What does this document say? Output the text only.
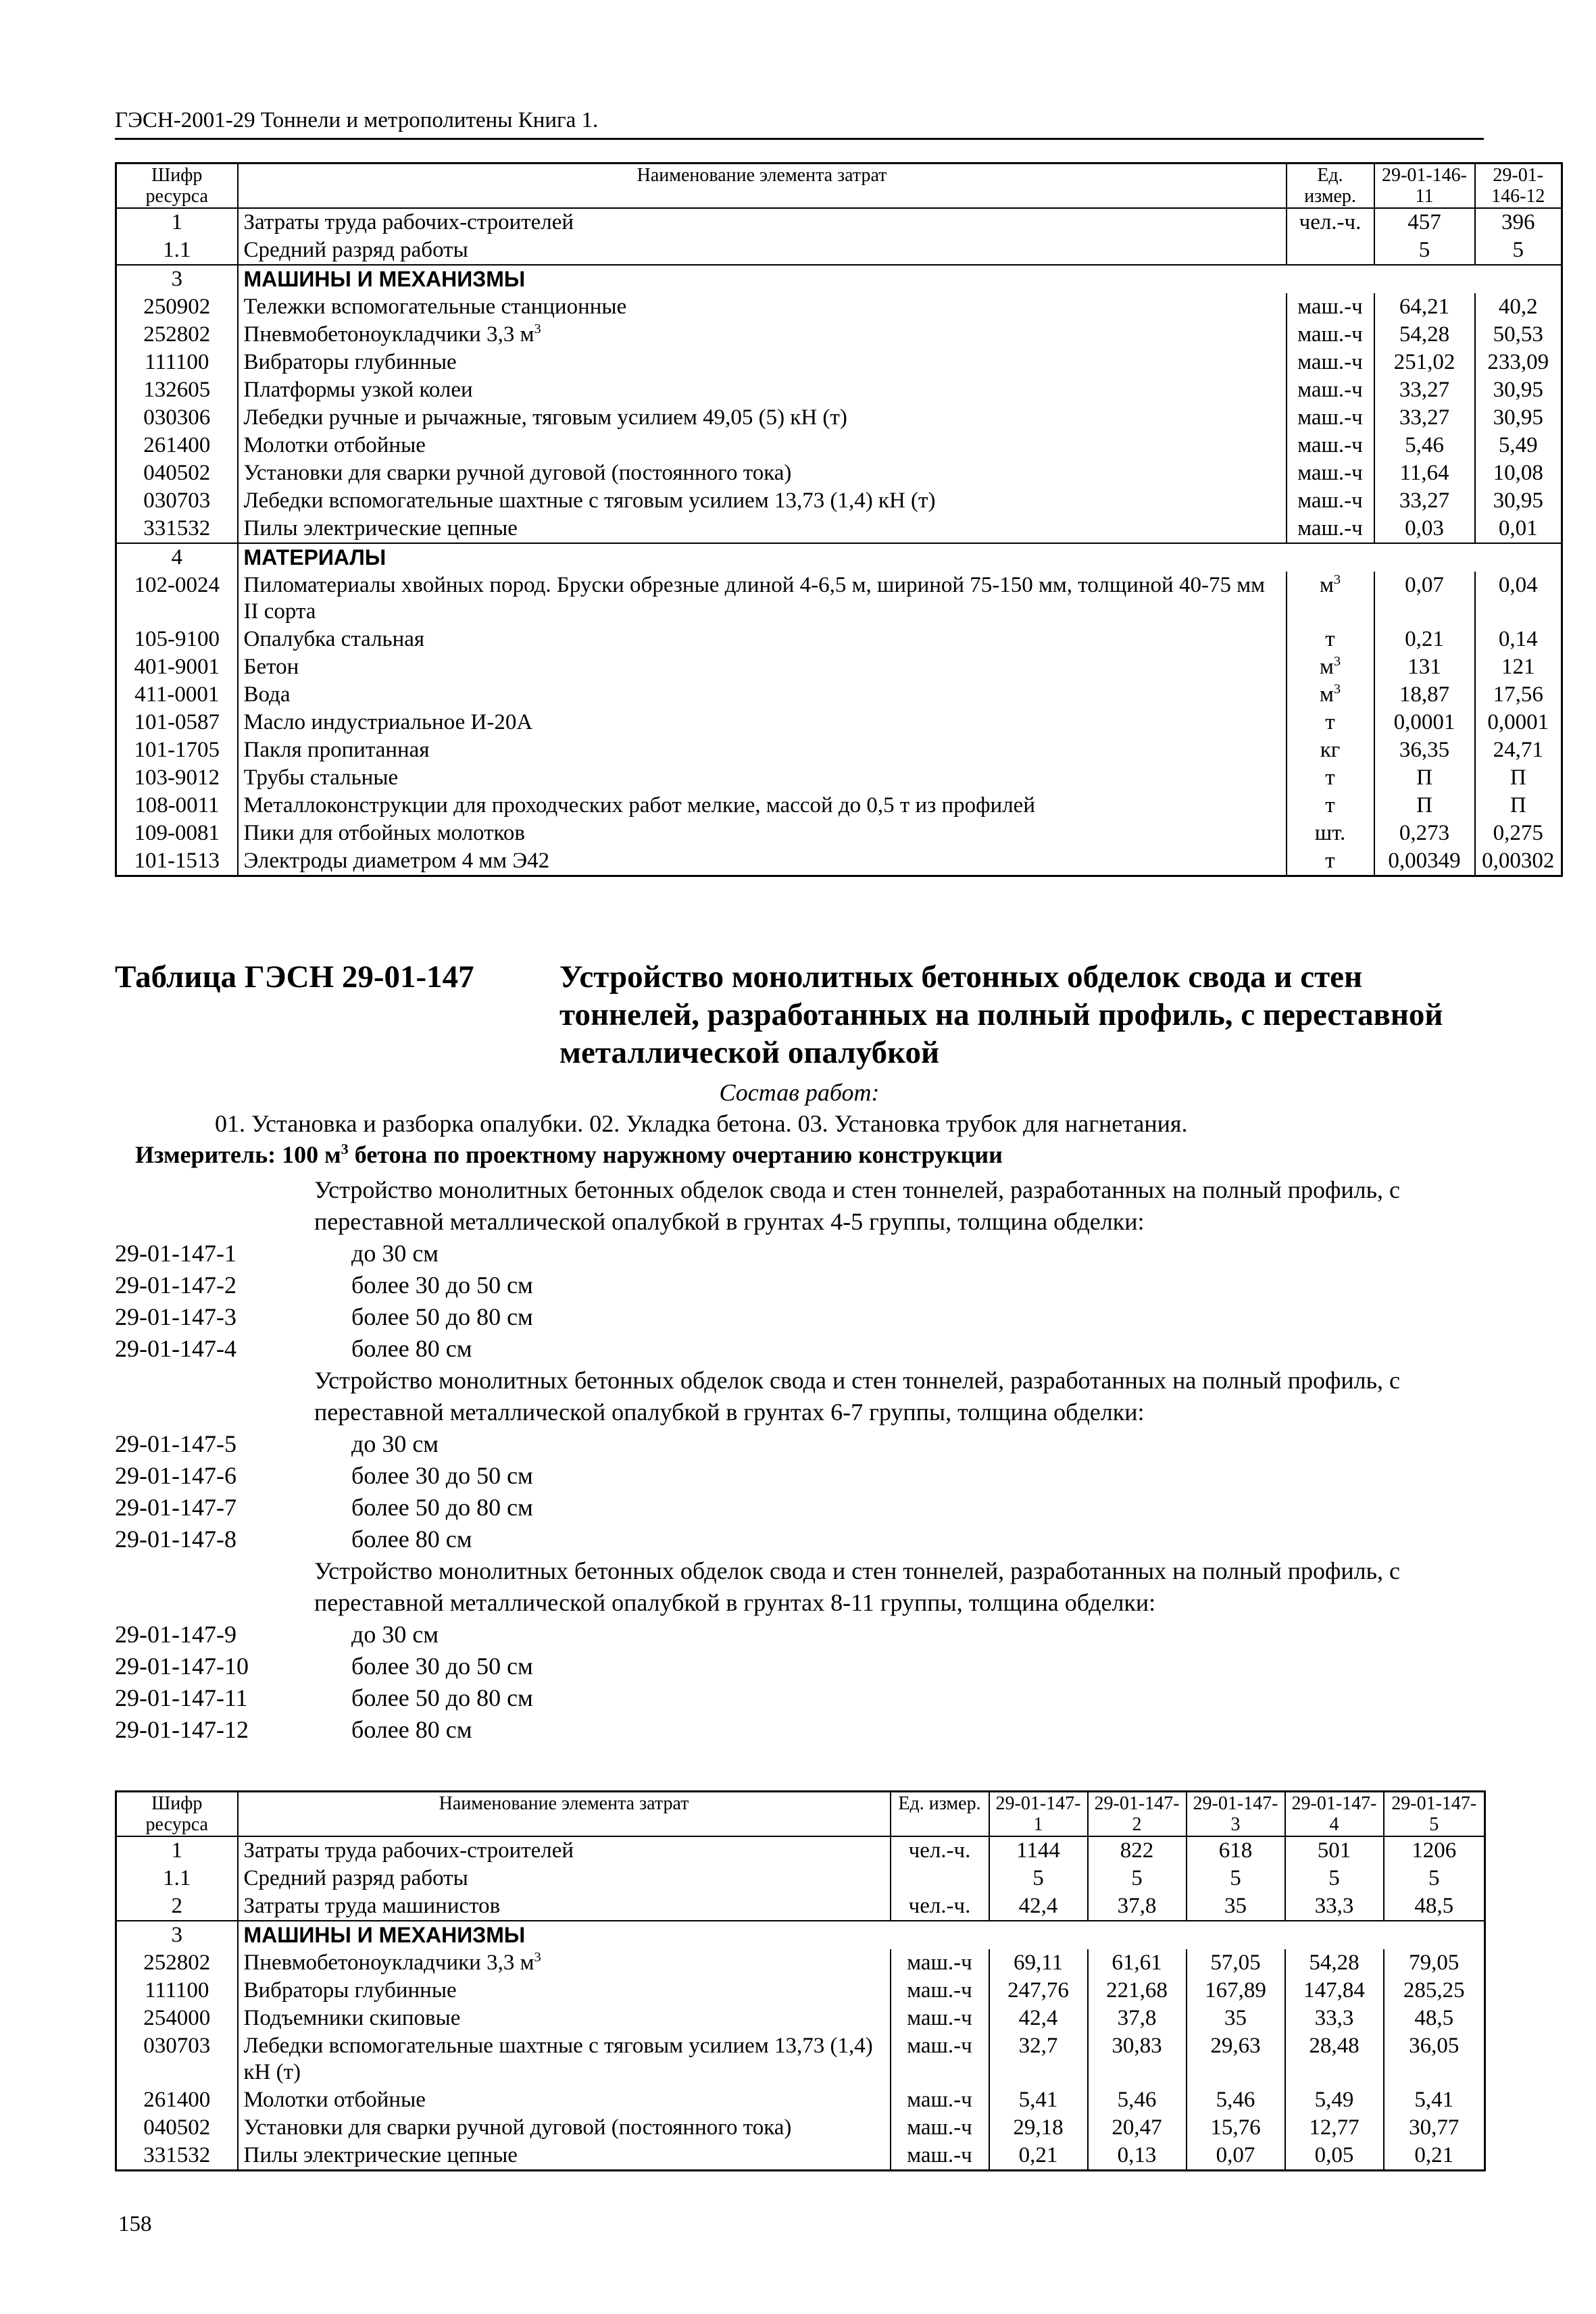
ГЭСН-2001-29 Тоннели и метрополитены Книга 1.
Шифр ресурса	Наименование элемента затрат	Ед. измер.	29-01-146-11	29-01-146-12
1	Затраты труда рабочих-строителей	чел.-ч.	457	396
1.1	Средний разряд работы		5	5
3	МАШИНЫ И МЕХАНИЗМЫ			
250902	Тележки вспомогательные станционные	маш.-ч	64,21	40,2
252802	Пневмобетоноукладчики 3,3 $м^3$	маш.-ч	54,28	50,53
111100	Вибраторы глубинные	маш.-ч	251,02	233,09
132605	Платформы узкой колеи	маш.-ч	33,27	30,95
030306	Лебедки ручные и рычажные, тяговым усилием 49,05 (5) кН (т)	маш.-ч	33,27	30,95
261400	Молотки отбойные	маш.-ч	5,46	5,49
040502	Установки для сварки ручной дуговой (постоянного тока)	маш.-ч	11,64	10,08
030703	Лебедки вспомогательные шахтные с тяговым усилием 13,73 (1,4) кН (т)	маш.-ч	33,27	30,95
331532	Пилы электрические цепные	маш.-ч	0,03	0,01
4	МАТЕРИАЛЫ			
102-0024	Пиломатериалы хвойных пород. Бруски обрезные длиной 4-6,5 м, шириной 75-150 мм, толщиной 40-75 мм II сорта	$м^3$	0,07	0,04
105-9100	Опалубка стальная	т	0,21	0,14
401-9001	Бетон	$м^3$	131	121
411-0001	Вода	$м^3$	18,87	17,56
101-0587	Масло индустриальное И-20А	т	0,0001	0,0001
101-1705	Пакля пропитанная	кг	36,35	24,71
103-9012	Трубы стальные	т	П	П
108-0011	Металлоконструкции для проходческих работ мелкие, массой до 0,5 т из профилей	т	П	П
109-0081	Пики для отбойных молотков	шт.	0,273	0,275
101-1513	Электроды диаметром 4 мм Э42	т	0,00349	0,00302
Таблица ГЭСН 29-01-147	Устройство монолитных бетонных обделок свода и стен тоннелей, разработанных на полный профиль, с переставной металлической опалубкой
Состав работ:
01. Установка и разборка опалубки. 02. Укладка бетона. 03. Установка трубок для нагнетания.
Измеритель: 100 $м^3$ бетона по проектному наружному очертанию конструкции
Устройство монолитных бетонных обделок свода и стен тоннелей, разработанных на полный профиль, с переставной металлической опалубкой в грунтах 4-5 группы, толщина обделки:
29-01-147-1	до 30 см
29-01-147-2	более 30 до 50 см
29-01-147-3	более 50 до 80 см
29-01-147-4	более 80 см
Устройство монолитных бетонных обделок свода и стен тоннелей, разработанных на полный профиль, с переставной металлической опалубкой в грунтах 6-7 группы, толщина обделки:
29-01-147-5	до 30 см
29-01-147-6	более 30 до 50 см
29-01-147-7	более 50 до 80 см
29-01-147-8	более 80 см
Устройство монолитных бетонных обделок свода и стен тоннелей, разработанных на полный профиль, с переставной металлической опалубкой в грунтах 8-11 группы, толщина обделки:
29-01-147-9	до 30 см
29-01-147-10	более 30 до 50 см
29-01-147-11	более 50 до 80 см
29-01-147-12	более 80 см
Шифр ресурса	Наименование элемента затрат	Ед. измер.	29-01-147-1	29-01-147-2	29-01-147-3	29-01-147-4	29-01-147-5
1	Затраты труда рабочих-строителей	чел.-ч.	1144	822	618	501	1206
1.1	Средний разряд работы		5	5	5	5	5
2	Затраты труда машинистов	чел.-ч.	42,4	37,8	35	33,3	48,5
3	МАШИНЫ И МЕХАНИЗМЫ						
252802	Пневмобетоноукладчики 3,3 $м^3$	маш.-ч	69,11	61,61	57,05	54,28	79,05
111100	Вибраторы глубинные	маш.-ч	247,76	221,68	167,89	147,84	285,25
254000	Подъемники скиповые	маш.-ч	42,4	37,8	35	33,3	48,5
030703	Лебедки вспомогательные шахтные с тяговым усилием 13,73 (1,4) кН (т)	маш.-ч	32,7	30,83	29,63	28,48	36,05
261400	Молотки отбойные	маш.-ч	5,41	5,46	5,46	5,49	5,41
040502	Установки для сварки ручной дуговой (постоянного тока)	маш.-ч	29,18	20,47	15,76	12,77	30,77
331532	Пилы электрические цепные	маш.-ч	0,21	0,13	0,07	0,05	0,21
158
